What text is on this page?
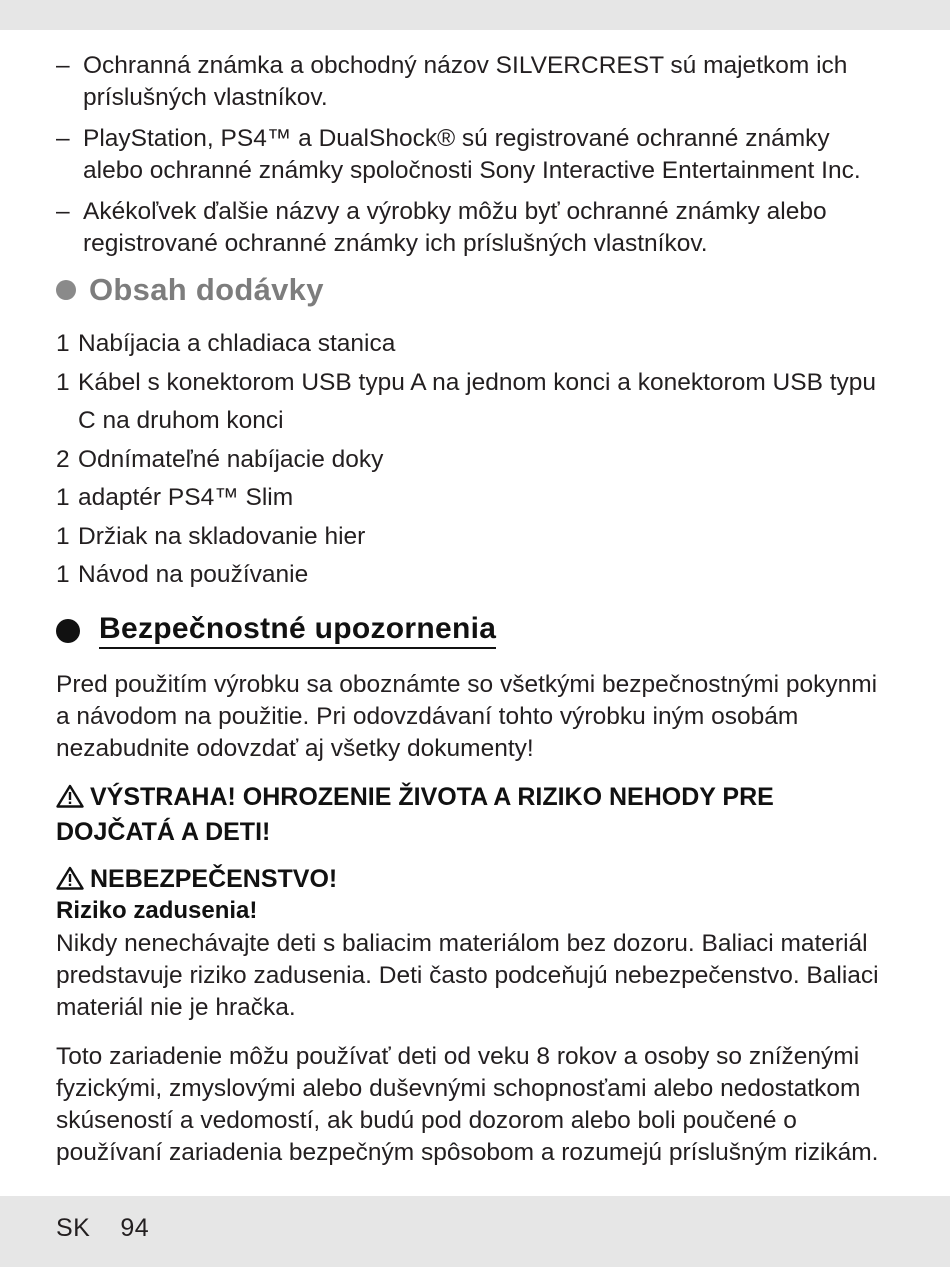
– Ochranná známka a obchodný názov SILVERCREST sú majetkom ich príslušných vlastníkov.
– PlayStation, PS4™ a DualShock® sú registrované ochranné známky alebo ochranné známky spoločnosti Sony Interactive Entertainment Inc.
– Akékoľvek ďalšie názvy a výrobky môžu byť ochranné známky alebo registrované ochranné známky ich príslušných vlastníkov.
Obsah dodávky
1 Nabíjacia a chladiaca stanica
1 Kábel s konektorom USB typu A na jednom konci a konektorom USB typu C na druhom konci
2 Odnímateľné nabíjacie doky
1 adaptér PS4™ Slim
1 Držiak na skladovanie hier
1 Návod na používanie
Bezpečnostné upozornenia
Pred použitím výrobku sa oboznámte so všetkými bezpečnostnými pokynmi a návodom na použitie. Pri odovzdávaní tohto výrobku iným osobám nezabudnite odovzdať aj všetky dokumenty!
VÝSTRAHA! OHROZENIE ŽIVOTA A RIZIKO NEHODY PRE DOJČATÁ A DETI!
NEBEZPEČENSTVO!
Riziko zadusenia!
Nikdy nenechávajte deti s baliacim materiálom bez dozoru. Baliaci materiál predstavuje riziko zadusenia. Deti často podceňujú nebezpečenstvo. Baliaci materiál nie je hračka.
Toto zariadenie môžu používať deti od veku 8 rokov a osoby so zníženými fyzickými, zmyslovými alebo duševnými schopnosťami alebo nedostatkom skúseností a vedomostí, ak budú pod dozorom alebo boli poučené o používaní zariadenia bezpečným spôsobom a rozumejú príslušným rizikám.
SK 94
